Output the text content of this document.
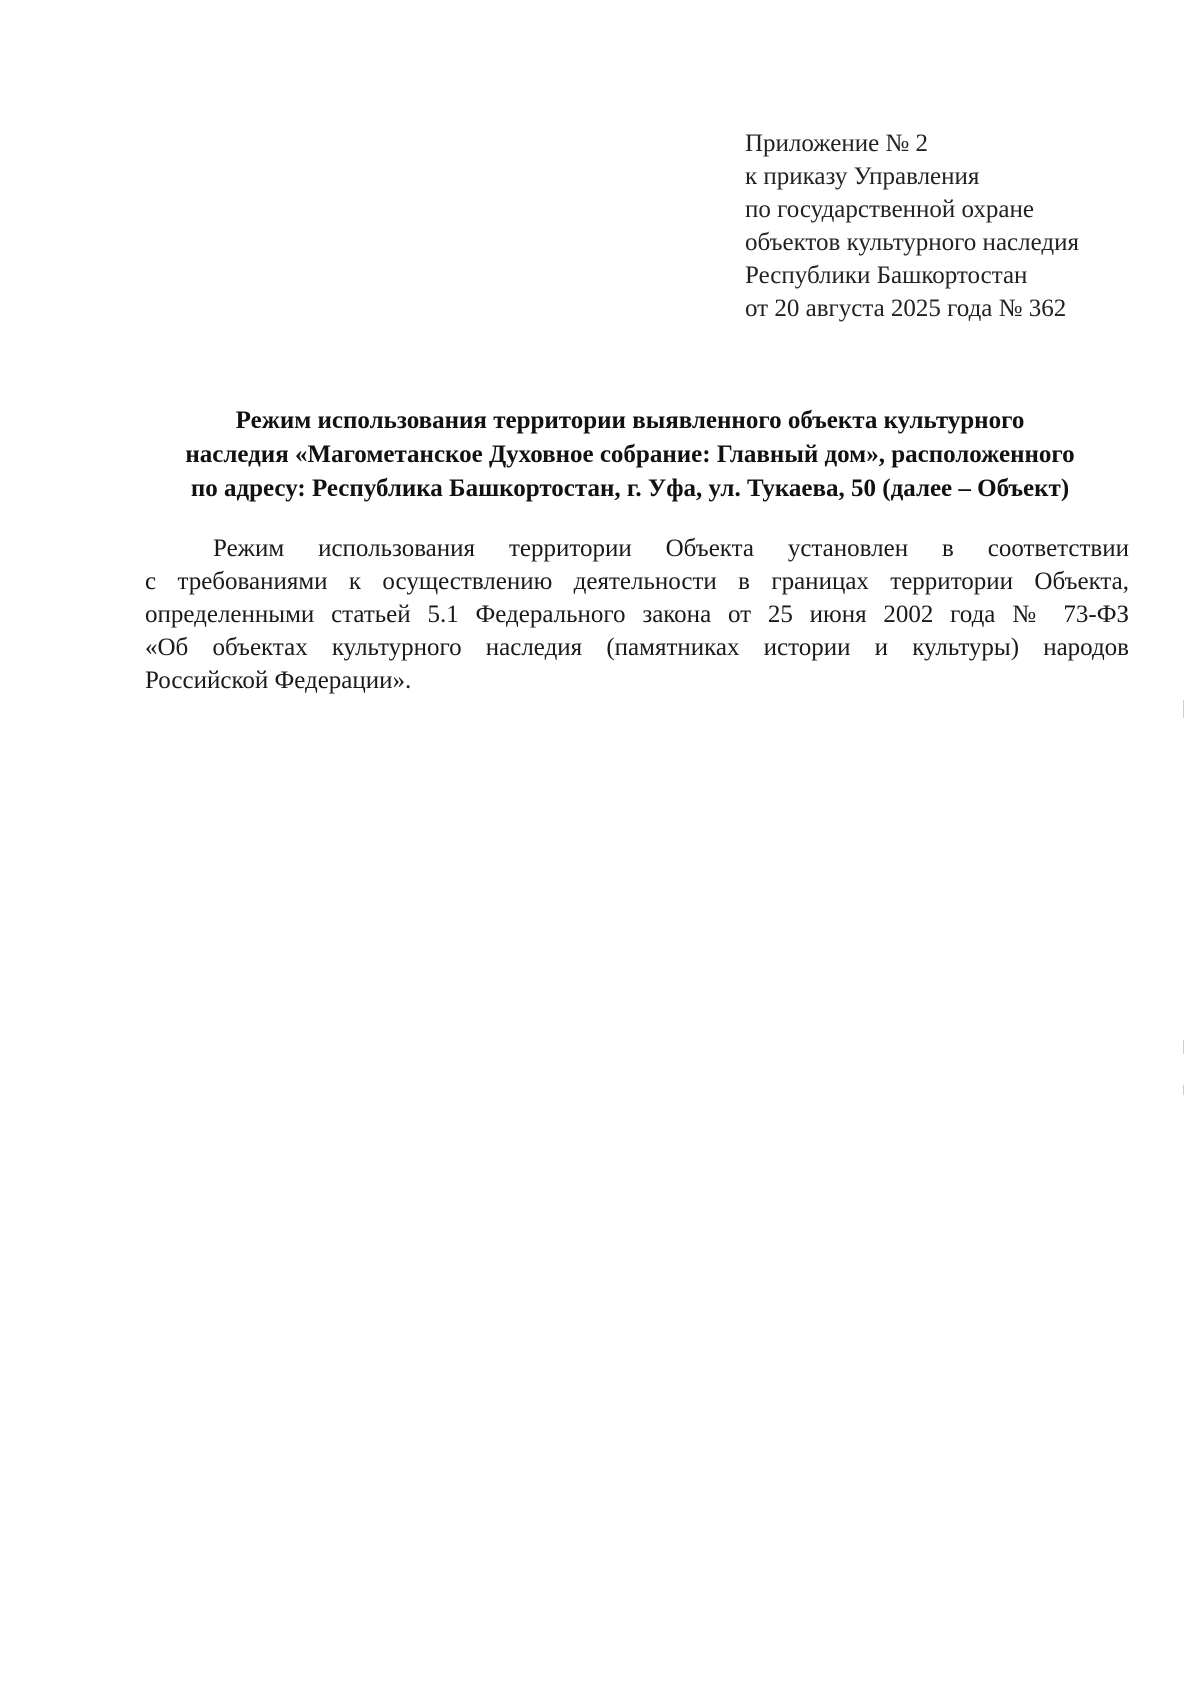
Приложение № 2
к приказу Управления
по государственной охране
объектов культурного наследия
Республики Башкортостан
от 20 августа 2025 года № 362
Режим использования территории выявленного объекта культурного
наследия «Магометанское Духовное собрание: Главный дом», расположенного
по адресу: Республика Башкортостан, г. Уфа, ул. Тукаева, 50 (далее – Объект)
Режим использования территории Объекта установлен в соответствии
с требованиями к осуществлению деятельности в границах территории Объекта,
определенными статьей 5.1 Федерального закона от 25 июня 2002 года № 73-ФЗ
«Об объектах культурного наследия (памятниках истории и культуры) народов
Российской Федерации».
